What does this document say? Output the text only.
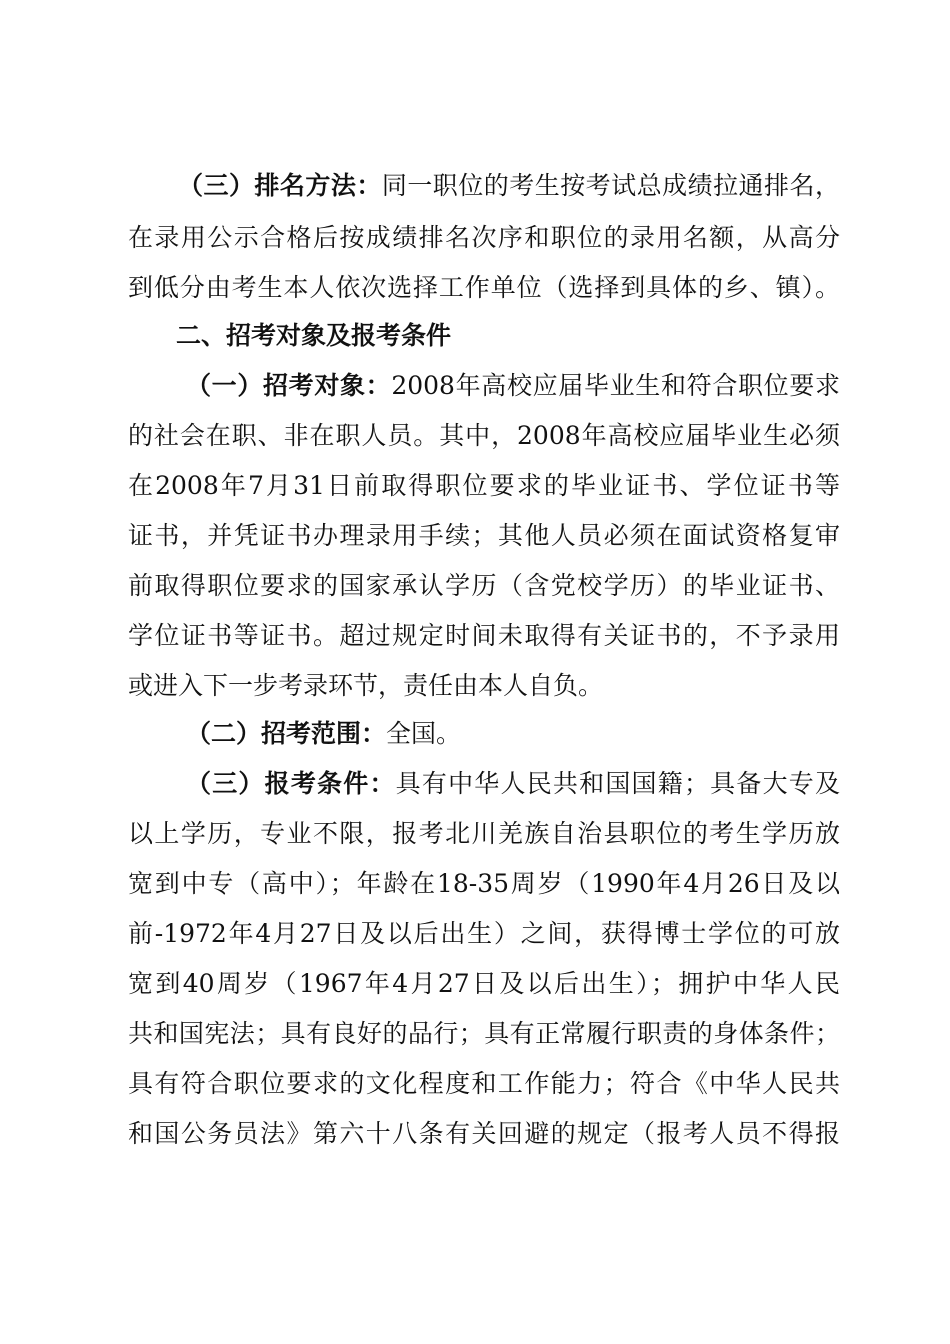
（三）排名方法：同一职位的考生按考试总成绩拉通排名，
在录用公示合格后按成绩排名次序和职位的录用名额，从高分
到低分由考生本人依次选择工作单位（选择到具体的乡、镇）。
二、招考对象及报考条件
（一）招考对象：2008年高校应届毕业生和符合职位要求
的社会在职、非在职人员。其中，2008年高校应届毕业生必须
在2008年7月31日前取得职位要求的毕业证书、学位证书等
证书，并凭证书办理录用手续；其他人员必须在面试资格复审
前取得职位要求的国家承认学历（含党校学历）的毕业证书、
学位证书等证书。超过规定时间未取得有关证书的，不予录用
或进入下一步考录环节，责任由本人自负。
（二）招考范围：全国。
（三）报考条件：具有中华人民共和国国籍；具备大专及
以上学历，专业不限，报考北川羌族自治县职位的考生学历放
宽到中专（高中）；年龄在18-35周岁（1990年4月26日及以
前-1972年4月27日及以后出生）之间，获得博士学位的可放
宽到40周岁（1967年4月27日及以后出生）；拥护中华人民
共和国宪法；具有良好的品行；具有正常履行职责的身体条件；
具有符合职位要求的文化程度和工作能力；符合《中华人民共
和国公务员法》第六十八条有关回避的规定（报考人员不得报
